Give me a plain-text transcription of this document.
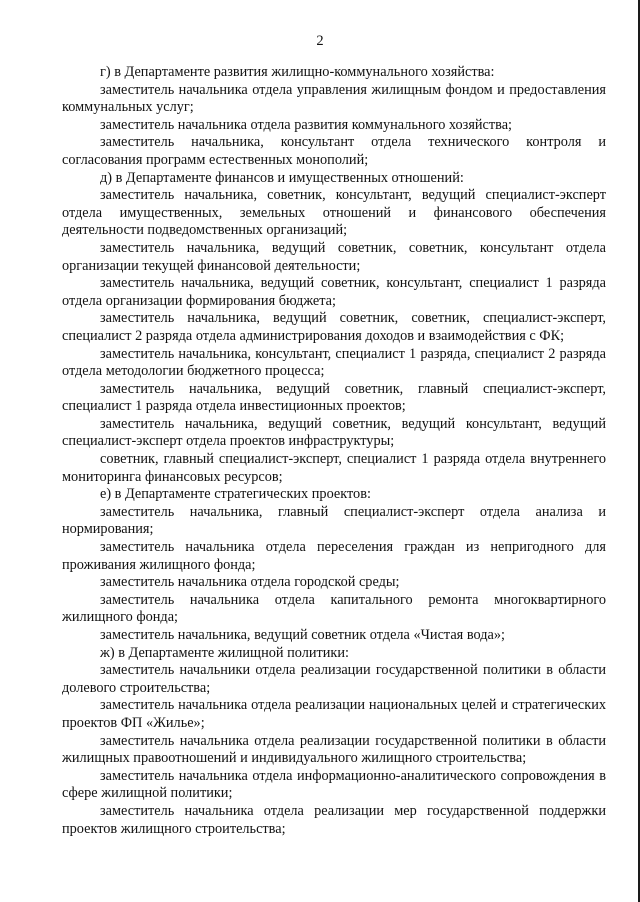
2

г) в Департаменте развития жилищно-коммунального хозяйства:

заместитель начальника отдела управления жилищным фондом и предоставления коммунальных услуг;

заместитель начальника отдела развития коммунального хозяйства;

заместитель начальника, консультант отдела технического контроля и согласования программ естественных монополий;

д) в Департаменте финансов и имущественных отношений:

заместитель начальника, советник, консультант, ведущий специалист-эксперт отдела имущественных, земельных отношений и финансового обеспечения деятельности подведомственных организаций;

заместитель начальника, ведущий советник, советник, консультант отдела организации текущей финансовой деятельности;

заместитель начальника, ведущий советник, консультант, специалист 1 разряда отдела организации формирования бюджета;

заместитель начальника, ведущий советник, советник, специалист-эксперт, специалист 2 разряда отдела администрирования доходов и взаимодействия с ФК;

заместитель начальника, консультант, специалист 1 разряда, специалист 2 разряда отдела методологии бюджетного процесса;

заместитель начальника, ведущий советник, главный специалист-эксперт, специалист 1 разряда отдела инвестиционных проектов;

заместитель начальника, ведущий советник, ведущий консультант, ведущий специалист-эксперт отдела проектов инфраструктуры;

советник, главный специалист-эксперт, специалист 1 разряда отдела внутреннего мониторинга финансовых ресурсов;

е) в Департаменте стратегических проектов:

заместитель начальника, главный специалист-эксперт отдела анализа и нормирования;

заместитель начальника отдела переселения граждан из непригодного для проживания жилищного фонда;

заместитель начальника отдела городской среды;

заместитель начальника отдела капитального ремонта многоквартирного жилищного фонда;

заместитель начальника, ведущий советник отдела «Чистая вода»;

ж) в Департаменте жилищной политики:

заместитель начальники отдела реализации государственной политики в области долевого строительства;

заместитель начальника отдела реализации национальных целей и стратегических проектов ФП «Жилье»;

заместитель начальника отдела реализации государственной политики в области жилищных правоотношений и индивидуального жилищного строительства;

заместитель начальника отдела информационно-аналитического сопровождения в сфере жилищной политики;

заместитель начальника отдела реализации мер государственной поддержки проектов жилищного строительства;
